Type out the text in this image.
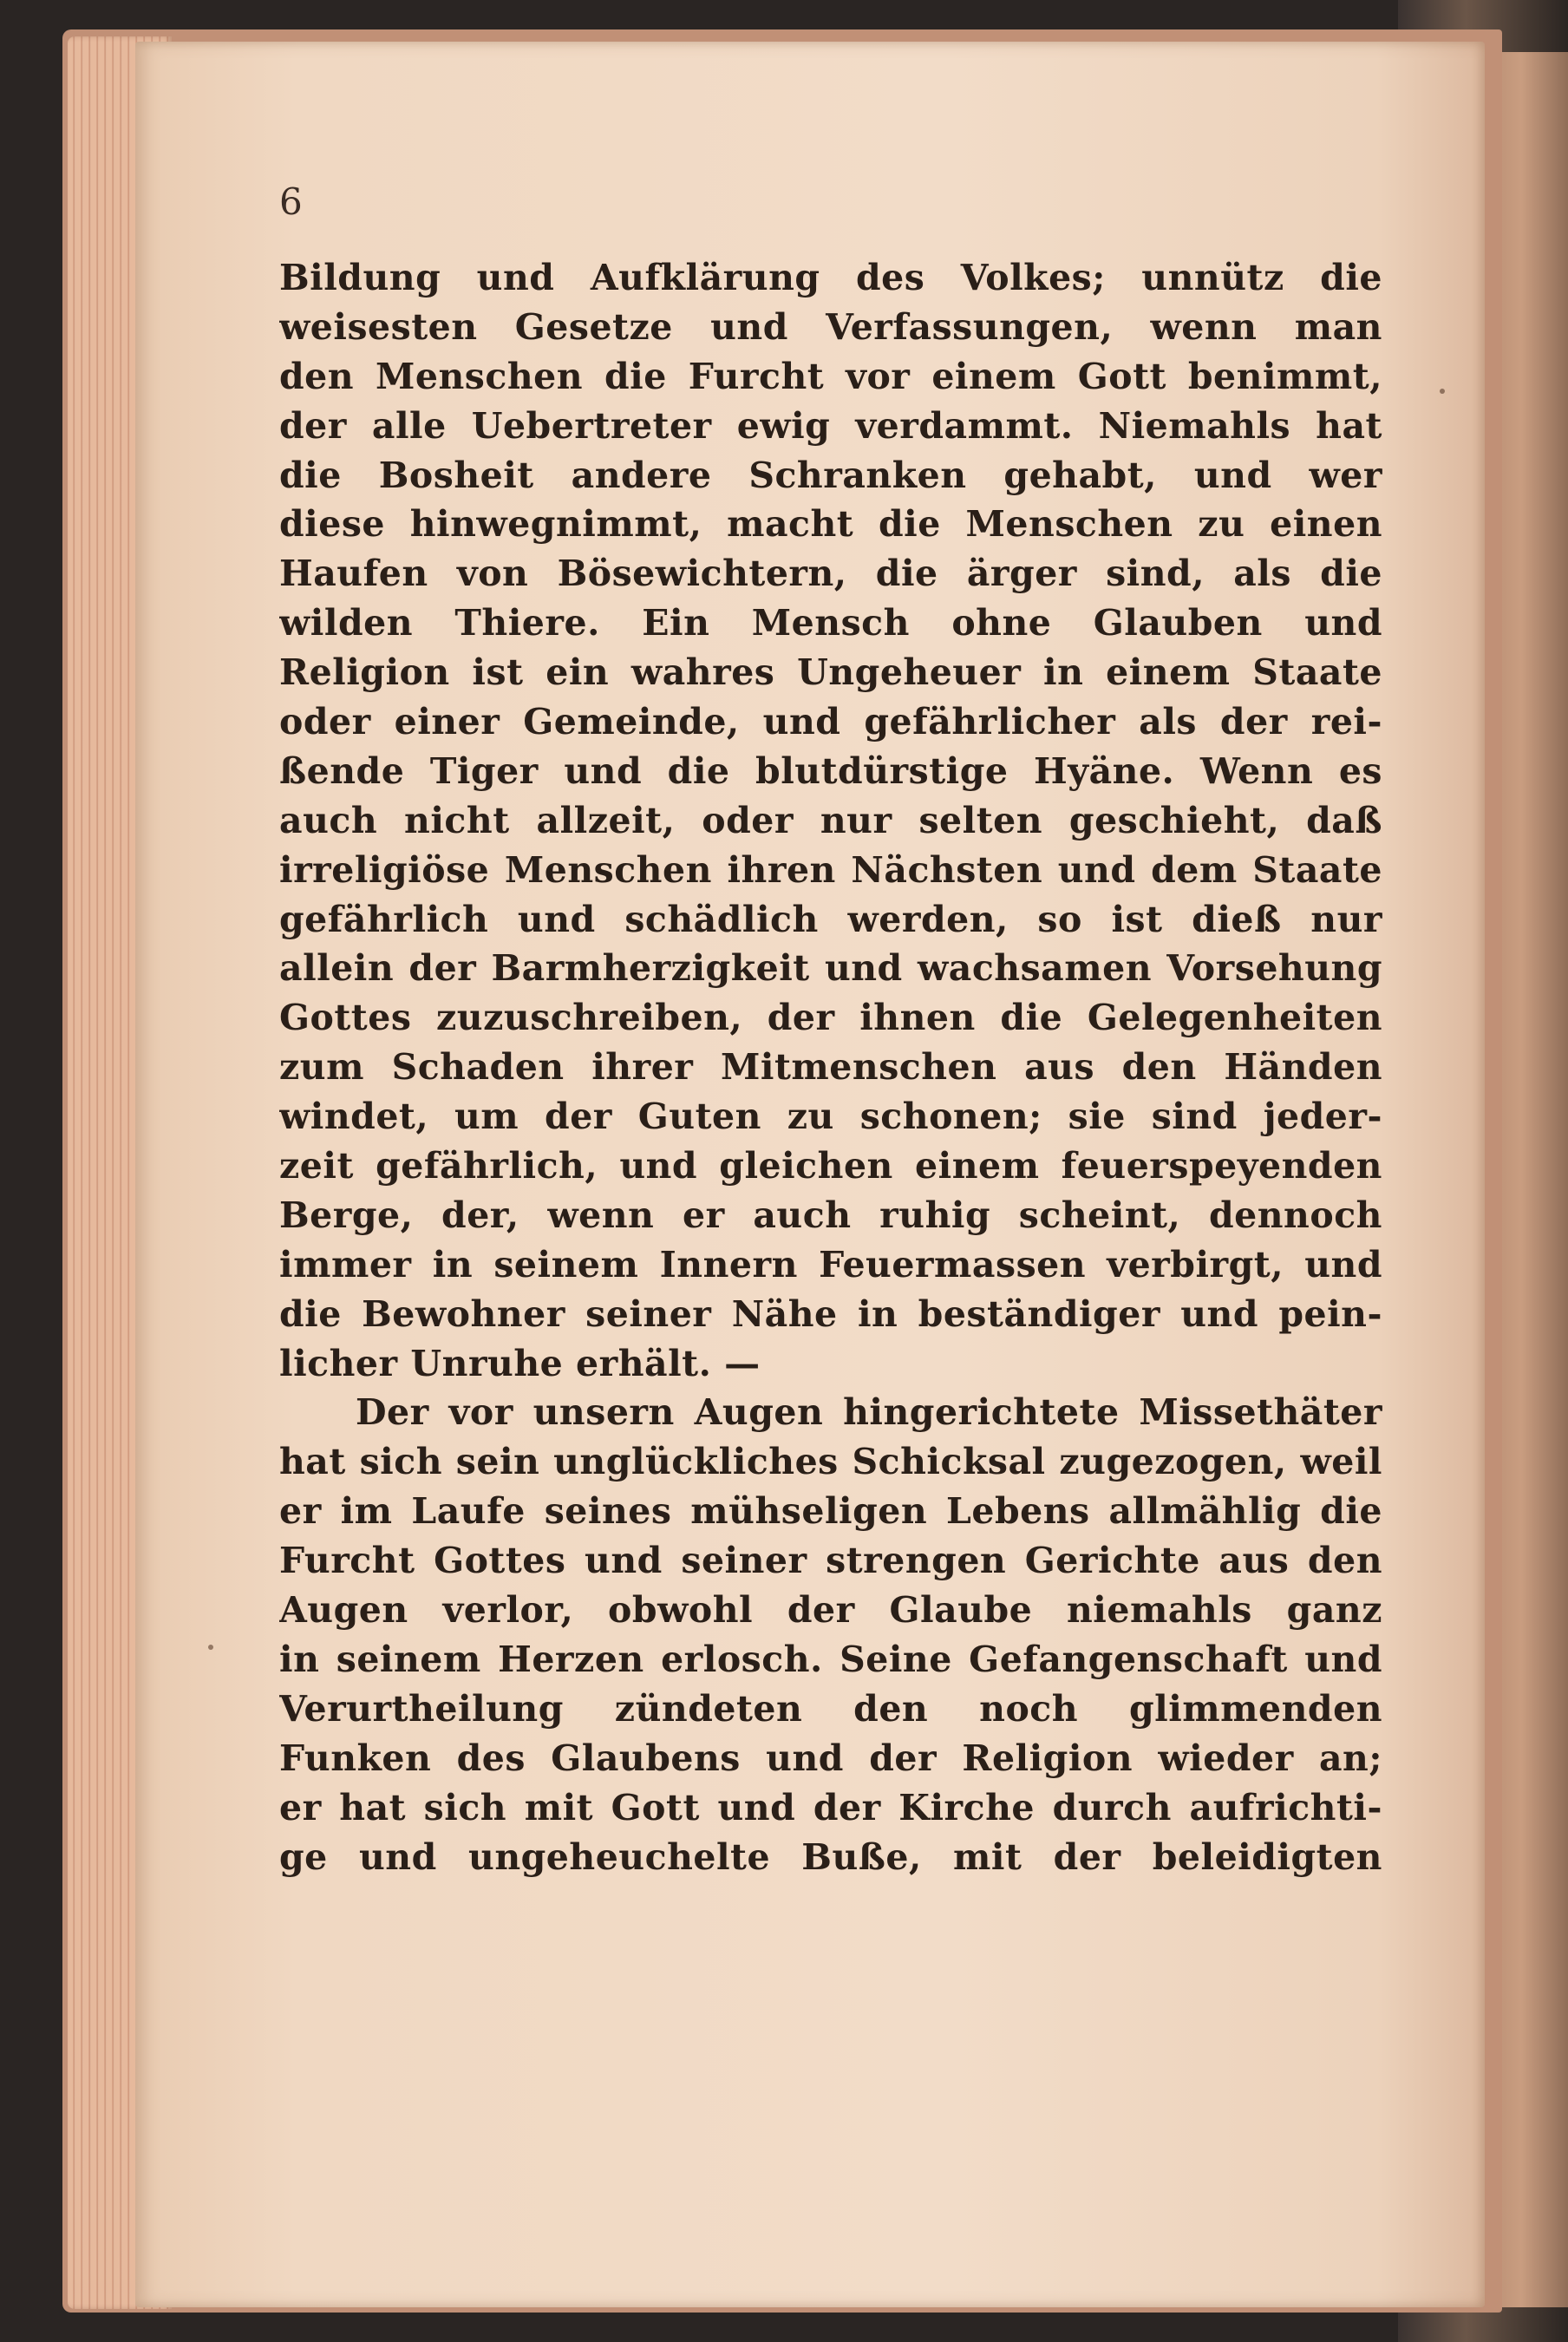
6

Bildung und Aufklärung des Volkes; unnütz die
weisesten Gesetze und Verfassungen, wenn man
den Menschen die Furcht vor einem Gott benimmt,
der alle Uebertreter ewig verdammt. Niemahls hat
die Bosheit andere Schranken gehabt, und wer
diese hinwegnimmt, macht die Menschen zu einen
Haufen von Bösewichtern, die ärger sind, als die
wilden Thiere. Ein Mensch ohne Glauben und
Religion ist ein wahres Ungeheuer in einem Staate
oder einer Gemeinde, und gefährlicher als der rei-
ßende Tiger und die blutdürstige Hyäne. Wenn es
auch nicht allzeit, oder nur selten geschieht, daß
irreligiöse Menschen ihren Nächsten und dem Staate
gefährlich und schädlich werden, so ist dieß nur
allein der Barmherzigkeit und wachsamen Vorsehung
Gottes zuzuschreiben, der ihnen die Gelegenheiten
zum Schaden ihrer Mitmenschen aus den Händen
windet, um der Guten zu schonen; sie sind jeder-
zeit gefährlich, und gleichen einem feuerspeyenden
Berge, der, wenn er auch ruhig scheint, dennoch
immer in seinem Innern Feuermassen verbirgt, und
die Bewohner seiner Nähe in beständiger und pein-
licher Unruhe erhält. —
Der vor unsern Augen hingerichtete Missethäter
hat sich sein unglückliches Schicksal zugezogen, weil
er im Laufe seines mühseligen Lebens allmählig die
Furcht Gottes und seiner strengen Gerichte aus den
Augen verlor, obwohl der Glaube niemahls ganz
in seinem Herzen erlosch. Seine Gefangenschaft und
Verurtheilung zündeten den noch glimmenden
Funken des Glaubens und der Religion wieder an;
er hat sich mit Gott und der Kirche durch aufrichti-
ge und ungeheuchelte Buße, mit der beleidigten
